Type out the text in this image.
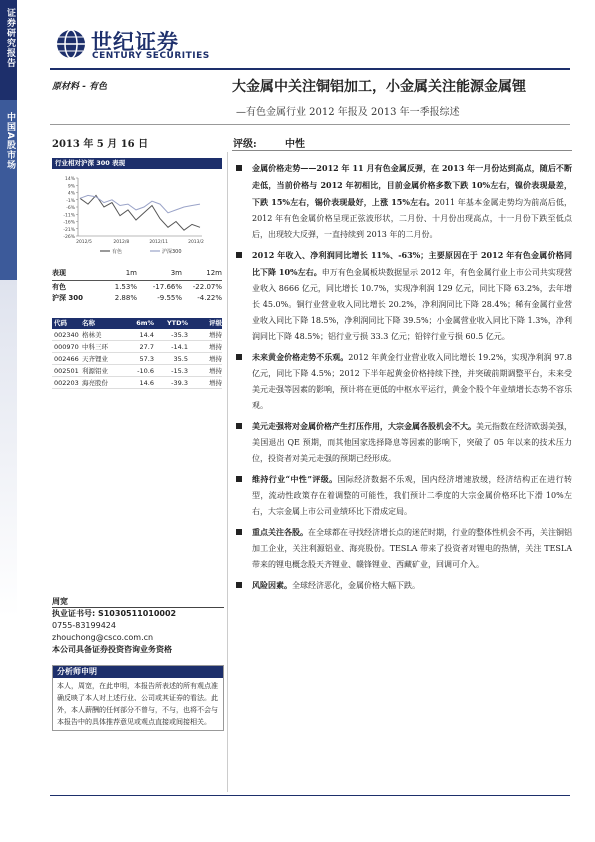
证券研究报告
中国A股市场
世纪证券
CENTURY SECURITIES
原材料 - 有色	大金属中关注铜铝加工，小金属关注能源金属锂
—有色金属行业 2012 年报及 2013 年一季报综述
2013 年 5 月 16 日	评级:	中性
行业相对沪深 300 表现
14%
9%
4%
-1%
-6%
-11%
-16%
-21%
-26%
2012/5	2012/8	2012/11	2013/2
有色	沪深300
表现	1m	3m	12m
有色	1.53%	-17.66%	-22.07%
沪深 300	2.88%	-9.55%	-4.22%
代码	名称	6m%	YTD%	评级
002340 格林美	14.4	-35.3	增持
000970 中科三环	27.7	-14.1	增持
002466 天齐锂业	57.3	35.5	增持
002501 利源铝业	-10.6	-15.3	增持
002203 海亮股份	14.6	-39.3	增持
周宽
执业证书号: S1030511010002
0755-83199424
zhouchong@csco.com.cn
本公司具备证券投资咨询业务资格
分析师申明
本人，周宽，在此申明，本报告所表述的所有观点准确反映了本人对上述行业、公司或其证券的看法。此外，本人薪酬的任何部分不曾与，不与，也将不会与本报告中的具体推荐意见或观点直接或间接相关。
金属价格走势——2012 年 11 月有色金属反弹，在 2013 年一月份达到高点，随后不断走低，当前价格与 2012 年初相比，目前金属价格多数下跌 10%左右，镍价表现最差，下跌 15%左右，锡价表现最好，上涨 15%左右。2011 年基本金属走势均为前高后低，2012 年有色金属价格呈现正弦波形状，二月份、十月份出现高点，十一月份下跌至低点后，出现较大反弹，一直持续到 2013 年的二月份。
2012 年收入、净利润同比增长 11%、-63%；主要原因在于 2012 年有色金属价格同比下降 10%左右。申万有色金属板块数据显示 2012 年，有色金属行业上市公司共实现营业收入 8666 亿元，同比增长 10.7%，实现净利润 129 亿元，同比下降 63.2%，去年增长 45.0%。铜行业营业收入同比增长 20.2%，净利润同比下降 28.4%；稀有金属行业营业收入同比下降 18.5%，净利润同比下降 39.5%；小金属营业收入同比下降 1.3%，净利润同比下降 48.5%；铝行业亏损 33.3 亿元；铅锌行业亏损 60.5 亿元。
未来黄金价格走势不乐观。2012 年黄金行业营业收入同比增长 19.2%，实现净利润 97.8 亿元，同比下降 4.5%；2012 下半年起黄金价格持续下挫，并突破前期调整平台，未来受美元走强等因素的影响，预计将在更低的中枢水平运行，黄金个股个年业绩增长态势不容乐观。
美元走强将对金属价格产生打压作用，大宗金属各股机会不大。美元指数在经济欧弱美强，美国退出 QE 预期，而其他国家选择降息等因素的影响下，突破了 05 年以来的技术压力位，投资者对美元走强的预期已经形成。
维持行业“中性”评级。国际经济数据不乐观，国内经济增速放缓，经济结构正在进行转型，流动性政策存在着调整的可能性，我们预计二季度的大宗金属价格环比下滑 10%左右，大宗金属上市公司业绩环比下滑成定局。
重点关注各股。在全球都在寻找经济增长点的迷茫时期，行业的整体性机会不再，关注铜铝加工企业，关注利源铝业、海亮股份。TESLA 带来了投资者对锂电的热情，关注 TESLA 带来的锂电概念股天齐锂业、赣锋锂业、西藏矿业，回调可介入。
风险因素。全球经济恶化，金属价格大幅下跌。
